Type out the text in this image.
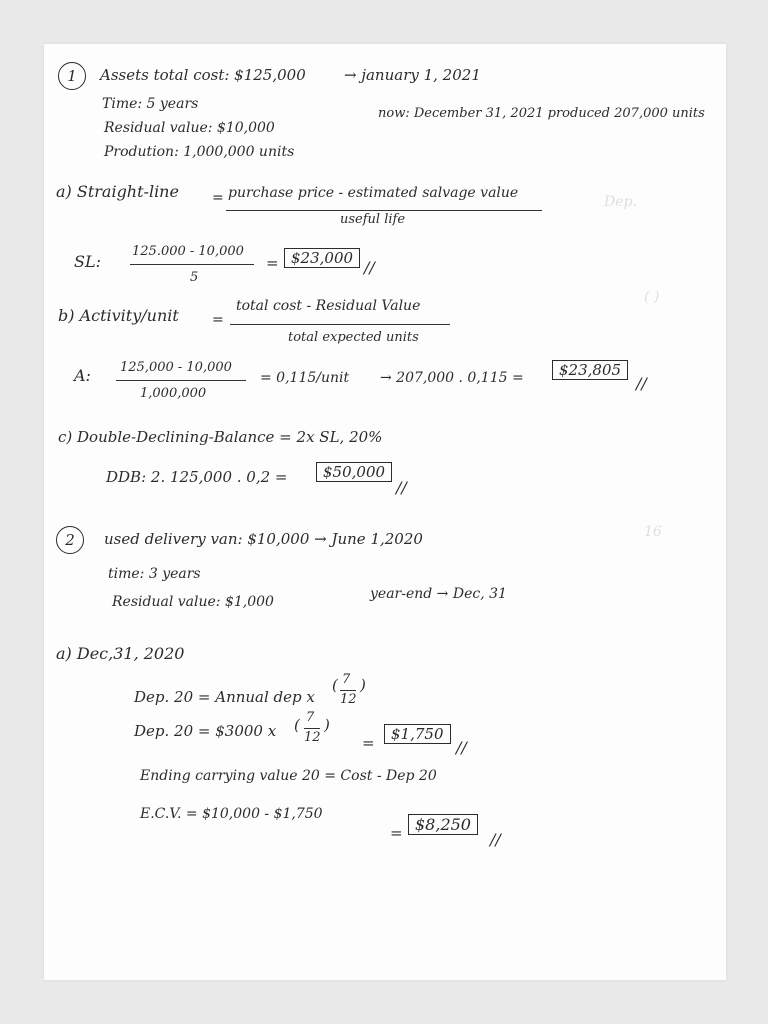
Dep.
( )
16
1	Assets total cost: $125,000	→ january 1, 2021
Time: 5 years
now: December 31, 2021 produced 207,000 units
Residual value: $10,000
Prodution: 1,000,000 units
a) Straight-line = purchase price - estimated salvage value
useful life
SL:
125.000 - 10,000
5
= $23,000 //
b) Activity/unit =
total cost - Residual Value
total expected units
A: 125,000 - 10,000
1,000,000
= 0,115/unit → 207,000 . 0,115 =	$23,805
//
c) Double-Declining-Balance = 2x SL, 20%
DDB: 2. 125,000 . 0,2 =	$50,000
//
2	used delivery van: $10,000 → June 1,2020
time: 3 years
Residual value: $1,000	year-end → Dec, 31
a) Dec,31, 2020
Dep. 20 = Annual dep x
( 7
12
)
Dep. 20 = $3000 x ( 7
12
)
=	$1,750
//
Ending carrying value 20 = Cost - Dep 20
E.C.V. = $10,000 - $1,750
= $8,250
//
